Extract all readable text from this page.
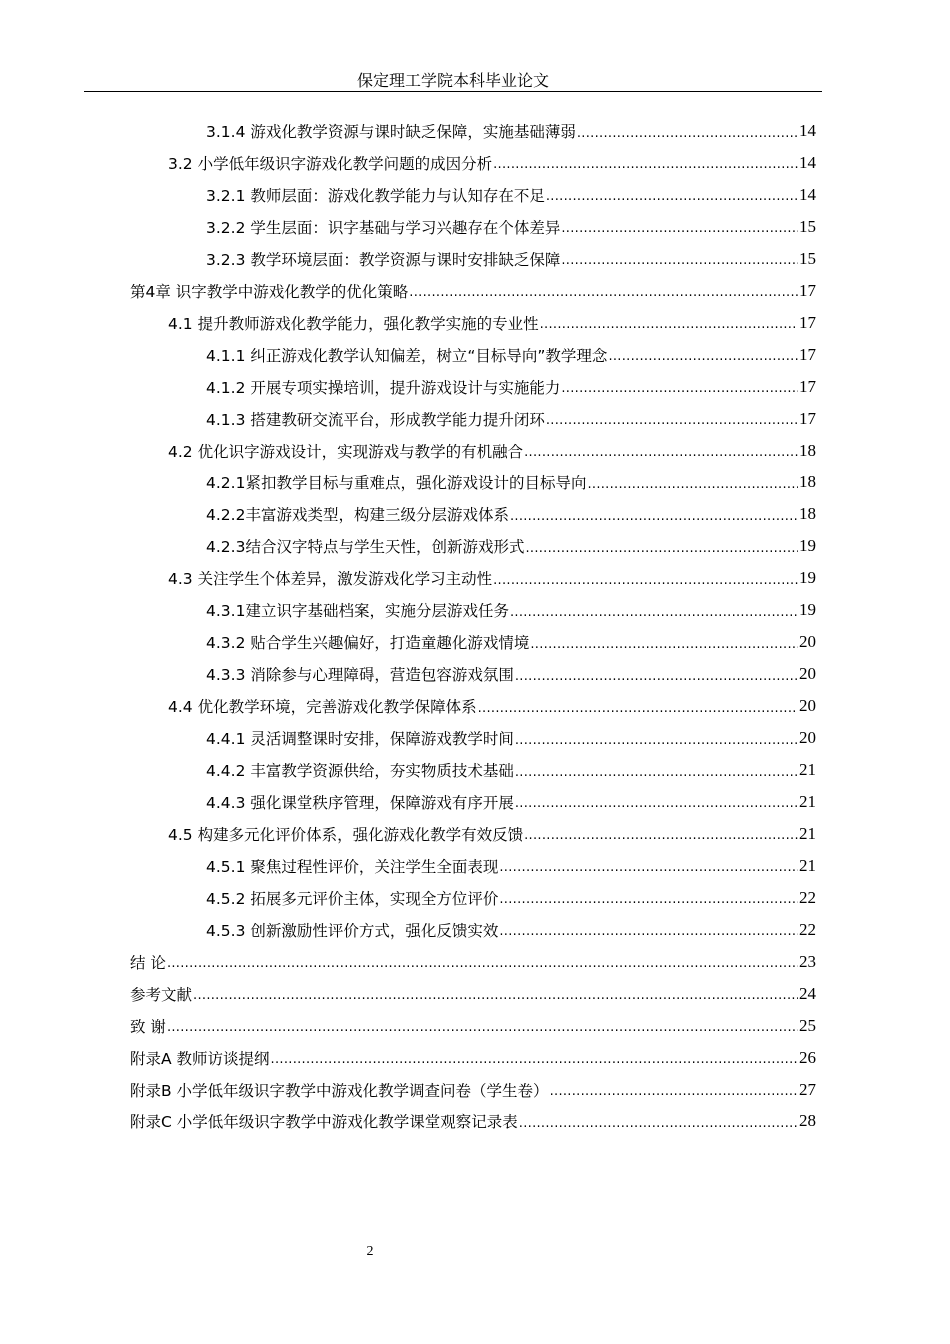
保定理工学院本科毕业论文
3.1.4 游戏化教学资源与课时缺乏保障，实施基础薄弱 .....	14
3.2 小学低年级识字游戏化教学问题的成因分析 .....	14
3.2.1 教师层面：游戏化教学能力与认知存在不足 .....	14
3.2.2 学生层面：识字基础与学习兴趣存在个体差异 .....	15
3.2.3 教学环境层面：教学资源与课时安排缺乏保障 .....	15
第4章 识字教学中游戏化教学的优化策略 .....	17
4.1 提升教师游戏化教学能力，强化教学实施的专业性 .....	17
4.1.1 纠正游戏化教学认知偏差，树立“目标导向”教学理念 .....	17
4.1.2 开展专项实操培训，提升游戏设计与实施能力 .....	17
4.1.3 搭建教研交流平台，形成教学能力提升闭环 .....	17
4.2 优化识字游戏设计，实现游戏与教学的有机融合 .....	18
4.2.1紧扣教学目标与重难点，强化游戏设计的目标导向 .....	18
4.2.2丰富游戏类型，构建三级分层游戏体系 .....	18
4.2.3结合汉字特点与学生天性，创新游戏形式 .....	19
4.3 关注学生个体差异，激发游戏化学习主动性 .....	19
4.3.1建立识字基础档案，实施分层游戏任务 .....	19
4.3.2 贴合学生兴趣偏好，打造童趣化游戏情境 .....	20
4.3.3 消除参与心理障碍，营造包容游戏氛围 .....	20
4.4 优化教学环境，完善游戏化教学保障体系 .....	20
4.4.1 灵活调整课时安排，保障游戏教学时间 .....	20
4.4.2 丰富教学资源供给，夯实物质技术基础 .....	21
4.4.3 强化课堂秩序管理，保障游戏有序开展 .....	21
4.5 构建多元化评价体系，强化游戏化教学有效反馈 .....	21
4.5.1 聚焦过程性评价，关注学生全面表现 .....	21
4.5.2 拓展多元评价主体，实现全方位评价 .....	22
4.5.3 创新激励性评价方式，强化反馈实效 .....	22
结 论 .....	23
参考文献 .....	24
致 谢 .....	25
附录A 教师访谈提纲 .....	26
附录B 小学低年级识字教学中游戏化教学调查问卷（学生卷） .....	27
附录C 小学低年级识字教学中游戏化教学课堂观察记录表 .....	28
2
